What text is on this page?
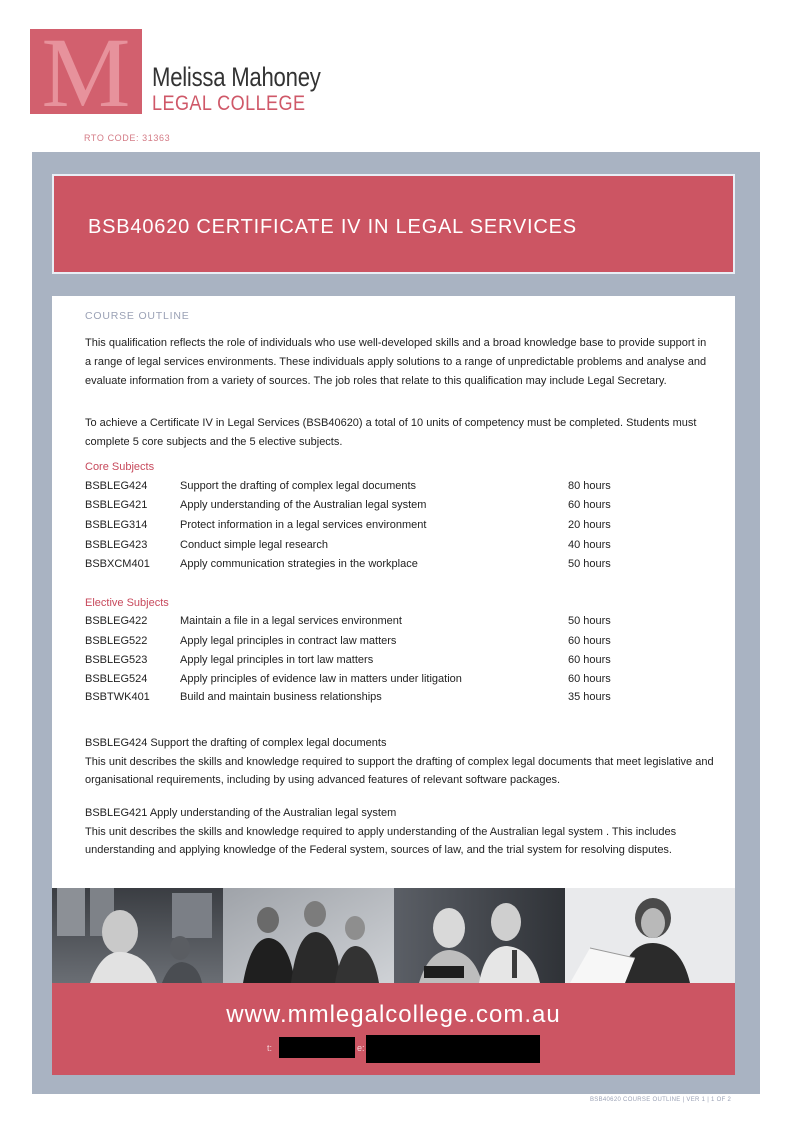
M Melissa Mahoney
LEGAL COLLEGE
RTO CODE: 31363
BSB40620 CERTIFICATE IV IN LEGAL SERVICES
COURSE OUTLINE

This qualification reflects the role of individuals who use well-developed skills and a broad knowledge base to provide support in a range of legal services environments. These individuals apply solutions to a range of unpredictable problems and analyse and evaluate information from a variety of sources. The job roles that relate to this qualification may include Legal Secretary.

To achieve a Certificate IV in Legal Services (BSB40620) a total of 10 units of competency must be completed. Students must complete 5 core subjects and the 5 elective subjects.

Core Subjects
BSBLEG424	Support the drafting of complex legal documents	80 hours
BSBLEG421	Apply understanding of the Australian legal system	60 hours
BSBLEG314	Protect information in a legal services environment	20 hours
BSBLEG423	Conduct simple legal research	40 hours
BSBXCM401	Apply communication strategies in the workplace	50 hours
Elective Subjects
BSBLEG422	Maintain a file in a legal services environment	50 hours
BSBLEG522	Apply legal principles in contract law matters	60 hours
BSBLEG523	Apply legal principles in tort law matters	60 hours
BSBLEG524	Apply principles of evidence law in matters under litigation	60 hours
BSBTWK401	Build and maintain business relationships	35 hours
BSBLEG424 Support the drafting of complex legal documents

This unit describes the skills and knowledge required to support the drafting of complex legal documents that meet legislative and organisational requirements, including by using advanced features of relevant software packages.

BSBLEG421 Apply understanding of the Australian legal system

This unit describes the skills and knowledge required to apply understanding of the Australian legal system . This includes understanding and applying knowledge of the Federal system, sources of law, and the trial system for resolving disputes.

www.mmlegalcollege.com.au
t:	e:
BSB40620 COURSE OUTLINE | VER 1 | 1 OF 2
